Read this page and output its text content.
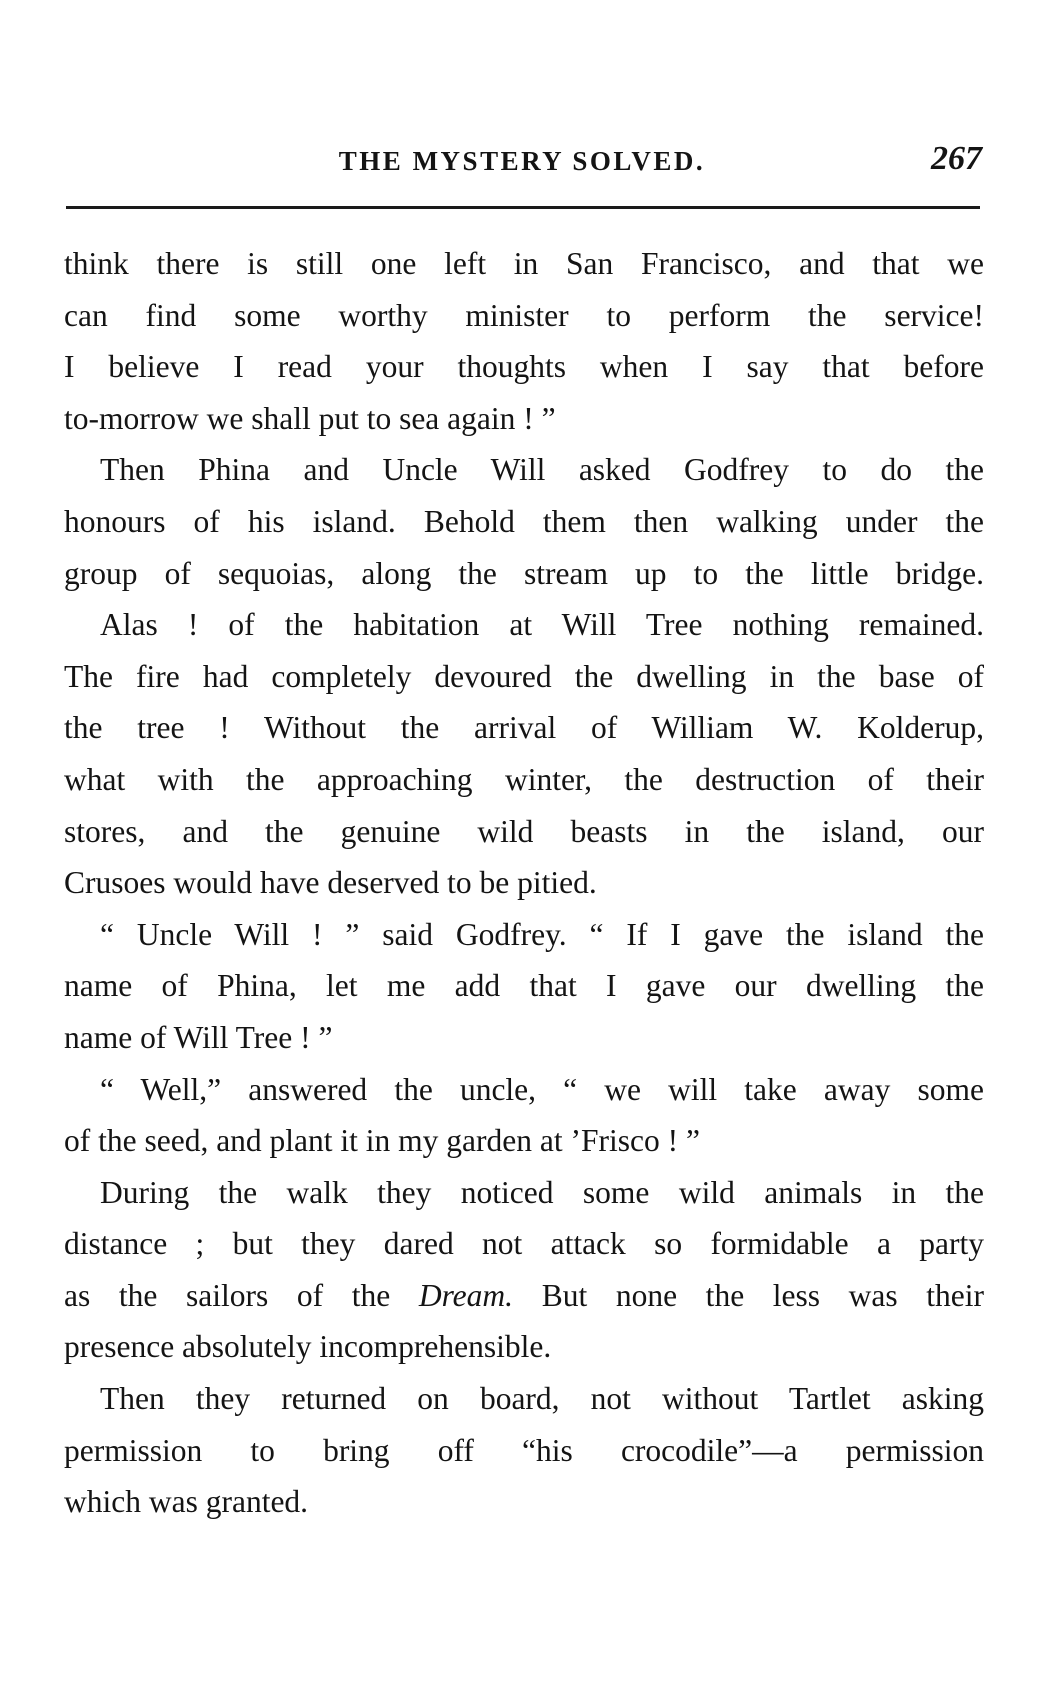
THE MYSTERY SOLVED.	267
think there is still one left in San Francisco, and that we
can find some worthy minister to perform the service!
I believe I read your thoughts when I say that before
to-morrow we shall put to sea again ! ”
Then Phina and Uncle Will asked Godfrey to do the
honours of his island. Behold them then walking under the
group of sequoias, along the stream up to the little bridge.
Alas ! of the habitation at Will Tree nothing remained.
The fire had completely devoured the dwelling in the base of
the tree ! Without the arrival of William W. Kolderup,
what with the approaching winter, the destruction of their
stores, and the genuine wild beasts in the island, our
Crusoes would have deserved to be pitied.
“ Uncle Will ! ” said Godfrey. “ If I gave the island the
name of Phina, let me add that I gave our dwelling the
name of Will Tree ! ”
“ Well,” answered the uncle, “ we will take away some
of the seed, and plant it in my garden at ’Frisco ! ”
During the walk they noticed some wild animals in the
distance ; but they dared not attack so formidable a party
as the sailors of the Dream. But none the less was their
presence absolutely incomprehensible.
Then they returned on board, not without Tartlet asking
permission to bring off “his crocodile”—a permission
which was granted.
